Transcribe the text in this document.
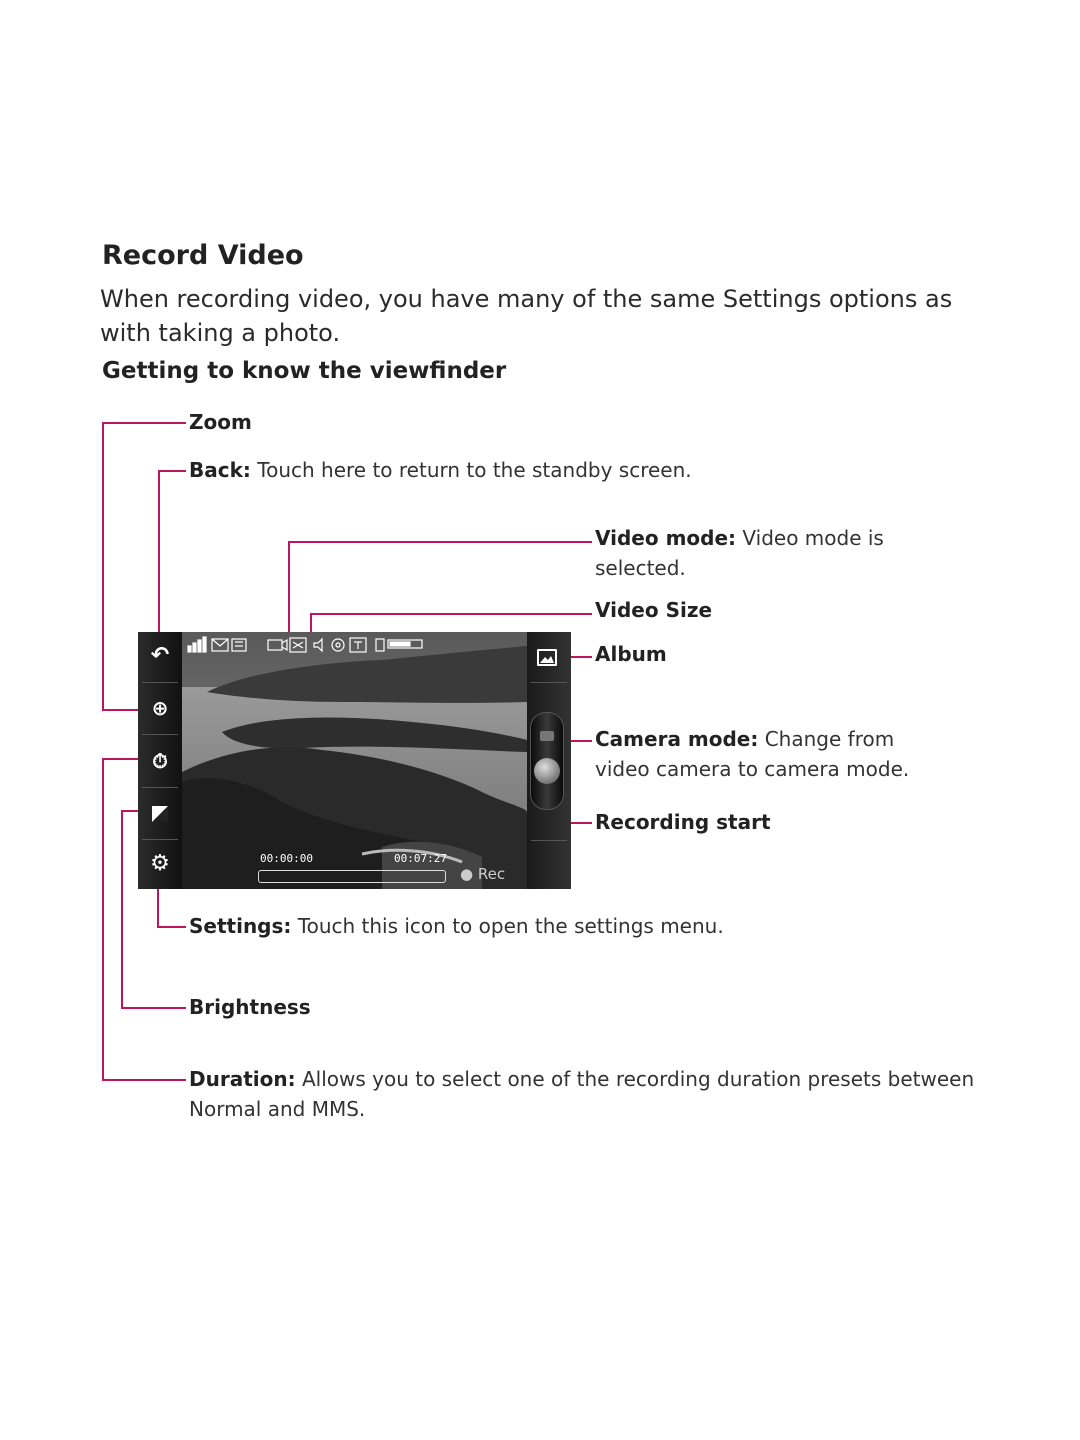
Record Video
When recording video, you have many of the same Settings options as with taking a photo.
Getting to know the viewfinder
Zoom
Back: Touch here to return to the standby screen.
Video mode: Video mode is selected.
Video Size
Album
Camera mode: Change from video camera to camera mode.
Recording start
Settings: Touch this icon to open the settings menu.
Brightness
Duration: Allows you to select one of the recording duration presets between Normal and MMS.
↶
⊕
⏱
⚙	00:00:00	00:07:27
● Rec
